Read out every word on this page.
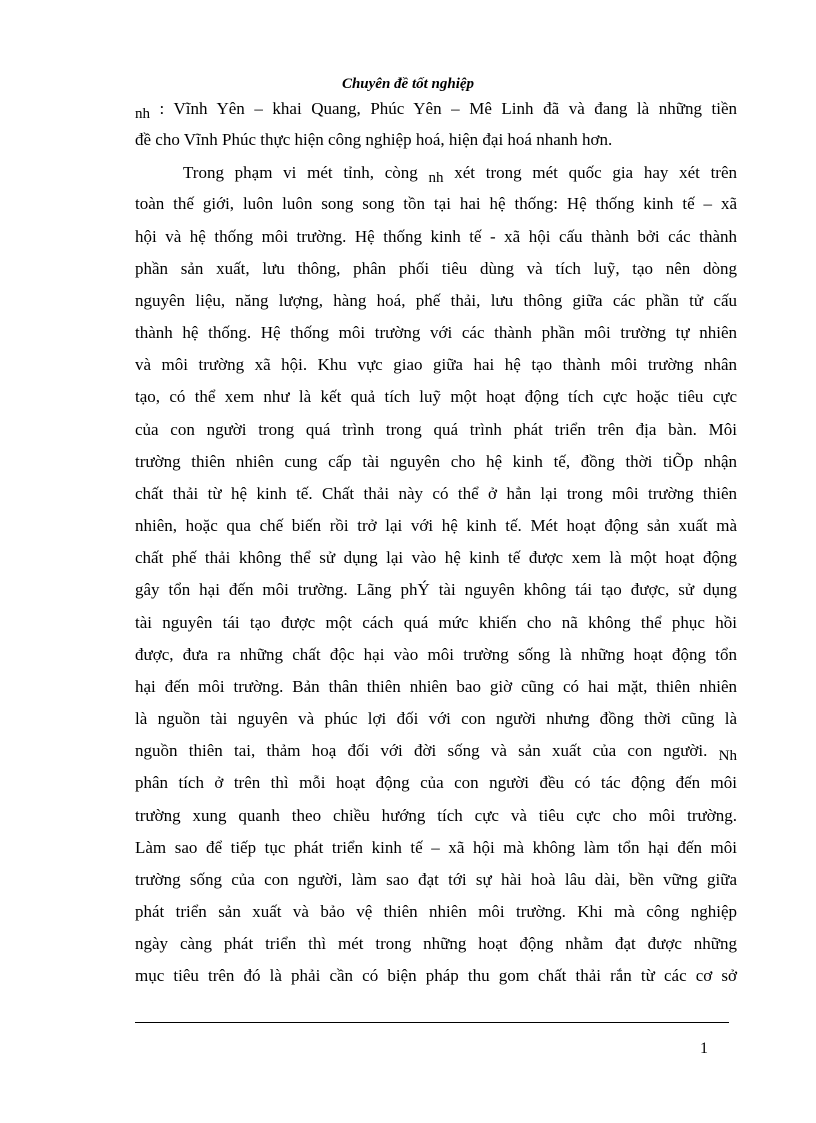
Chuyên đề tốt nghiệp
nh : Vĩnh Yên – khai Quang, Phúc Yên – Mê Linh đã và đang là những tiền
đề cho Vĩnh Phúc thực hiện công nghiệp hoá, hiện đại hoá nhanh hơn.
Trong phạm vi mét tỉnh, còng nh xét trong mét quốc gia hay xét trên
toàn thế giới, luôn luôn song song tồn tại hai hệ thống: Hệ thống kinh tế – xã
hội và hệ thống môi trường. Hệ thống kinh tế - xã hội cấu thành bởi các thành
phần sản xuất, lưu thông, phân phối tiêu dùng và tích luỹ, tạo nên dòng
nguyên liệu, năng lượng, hàng hoá, phế thải, lưu thông giữa các phần tử cấu
thành hệ thống. Hệ thống môi trường với các thành phần môi trường tự nhiên
và môi trường xã hội. Khu vực giao giữa hai hệ tạo thành môi trường nhân
tạo, có thể xem như là kết quả tích luỹ một hoạt động tích cực hoặc tiêu cực
của con người trong quá trình trong quá trình phát triển trên địa bàn. Môi
trường thiên nhiên cung cấp tài nguyên cho hệ kinh tế, đồng thời tiÕp nhận
chất thải từ hệ kinh tế. Chất thải này có thể ở hẳn lại trong môi trường thiên
nhiên, hoặc qua chế biến rồi trở lại với hệ kinh tế. Mét hoạt động sản xuất mà
chất phế thải không thể sử dụng lại vào hệ kinh tế được xem là một hoạt động
gây tổn hại đến môi trường. Lãng phÝ tài nguyên không tái tạo được, sử dụng
tài nguyên tái tạo được một cách quá mức khiến cho nã không thể phục hồi
được, đưa ra những chất độc hại vào môi trường sống là những hoạt động tổn
hại đến môi trường. Bản thân thiên nhiên bao giờ cũng có hai mặt, thiên nhiên
là nguồn tài nguyên và phúc lợi đối với con người nhưng đồng thời cũng là
nguồn thiên tai, thảm hoạ đối với đời sống và sản xuất của con người. Nh
phân tích ở trên thì mỗi hoạt động của con người đều có tác động đến môi
trường xung quanh theo chiều hướng tích cực và tiêu cực cho môi trường.
Làm sao để tiếp tục phát triển kinh tế – xã hội mà không làm tổn hại đến môi
trường sống của con người, làm sao đạt tới sự hài hoà lâu dài, bền vững giữa
phát triển sản xuất và bảo vệ thiên nhiên môi trường. Khi mà công nghiệp
ngày càng phát triển thì mét trong những hoạt động nhằm đạt được những
mục tiêu trên đó là phải cần có biện pháp thu gom chất thải rắn từ các cơ sở
1
